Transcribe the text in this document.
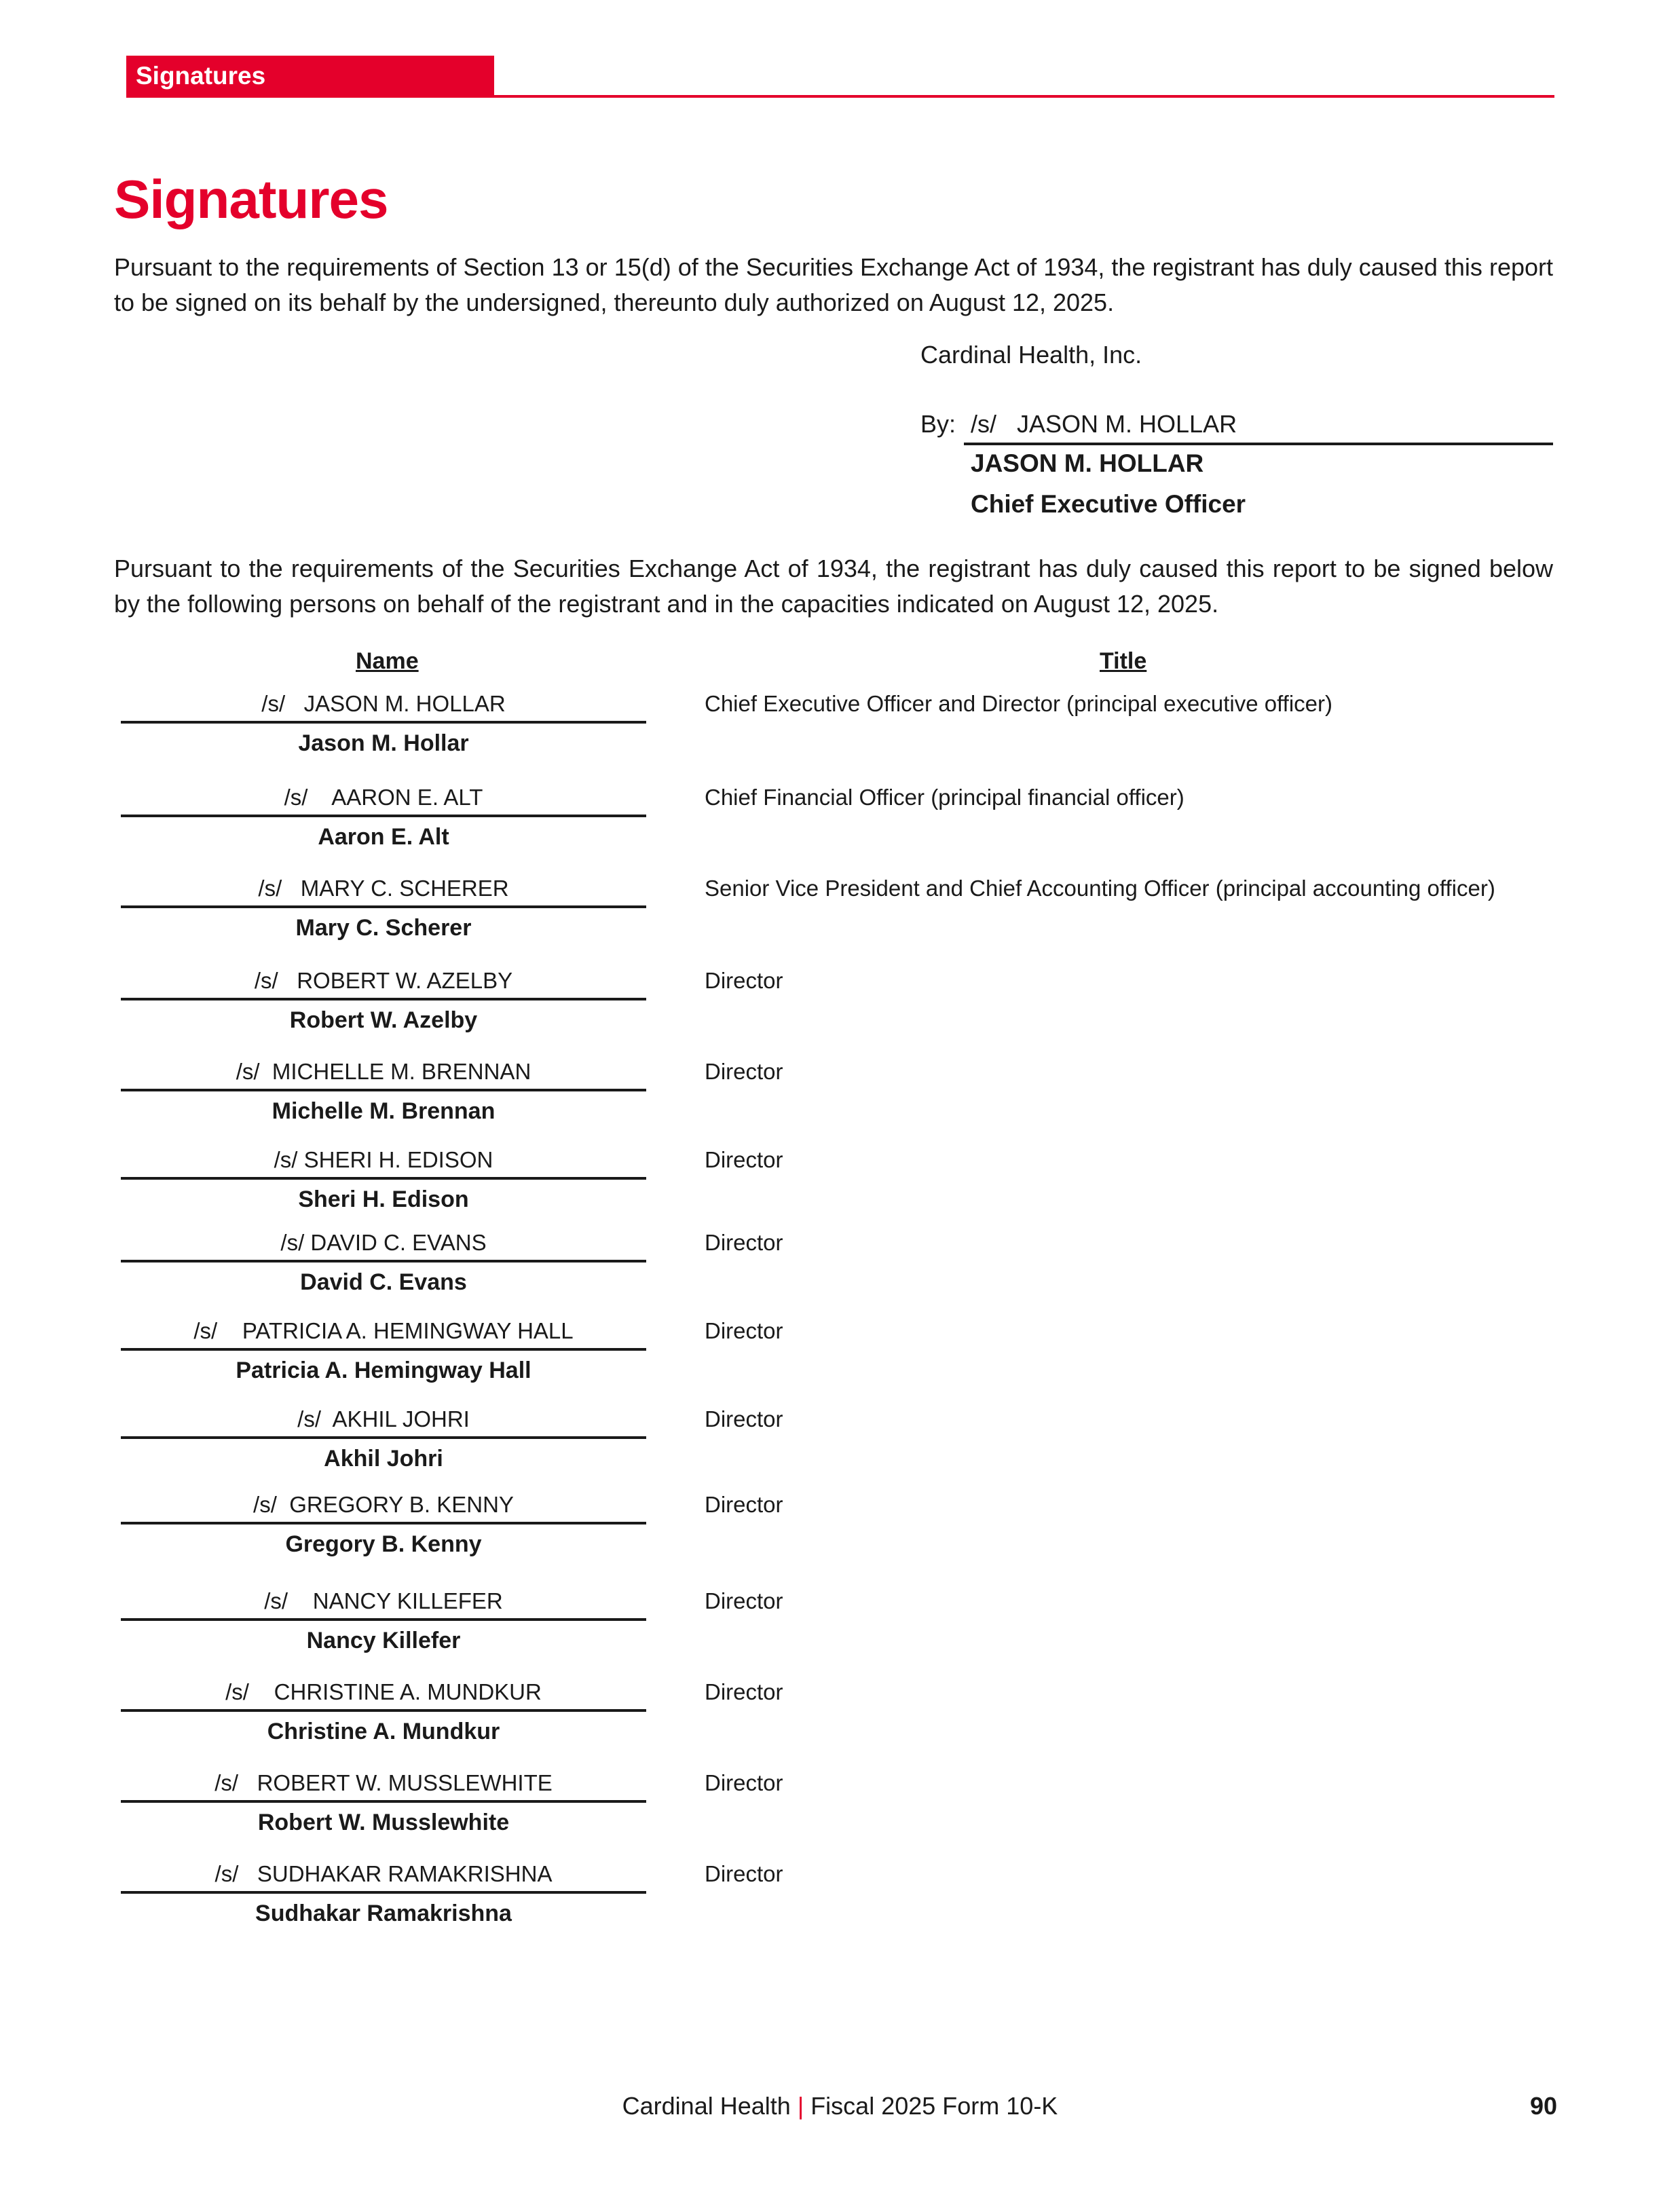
Signatures
Signatures

Pursuant to the requirements of Section 13 or 15(d) of the Securities Exchange Act of 1934, the registrant has duly caused this report to be signed on its behalf by the undersigned, thereunto duly authorized on August 12, 2025.

Cardinal Health, Inc.
By: /s/   JASON M. HOLLAR
JASON M. HOLLAR
Chief Executive Officer

Pursuant to the requirements of the Securities Exchange Act of 1934, the registrant has duly caused this report to be signed below by the following persons on behalf of the registrant and in the capacities indicated on August 12, 2025.

Name	Title
/s/   JASON M. HOLLAR
Jason M. Hollar
Chief Executive Officer and Director (principal executive officer)
/s/    AARON E. ALT
Aaron E. Alt
Chief Financial Officer (principal financial officer)
/s/   MARY C. SCHERER
Mary C. Scherer
Senior Vice President and Chief Accounting Officer (principal accounting officer)
/s/   ROBERT W. AZELBY
Robert W. Azelby
Director
/s/  MICHELLE M. BRENNAN
Michelle M. Brennan
Director
/s/ SHERI H. EDISON
Sheri H. Edison
Director
/s/ DAVID C. EVANS
David C. Evans
Director
/s/    PATRICIA A. HEMINGWAY HALL
Patricia A. Hemingway Hall
Director
/s/  AKHIL JOHRI
Akhil Johri
Director
/s/  GREGORY B. KENNY
Gregory B. Kenny
Director
/s/    NANCY KILLEFER
Nancy Killefer
Director
/s/    CHRISTINE A. MUNDKUR
Christine A. Mundkur
Director
/s/   ROBERT W. MUSSLEWHITE
Robert W. Musslewhite
Director
/s/   SUDHAKAR RAMAKRISHNA
Sudhakar Ramakrishna
Director
Cardinal Health | Fiscal 2025 Form 10-K	90
